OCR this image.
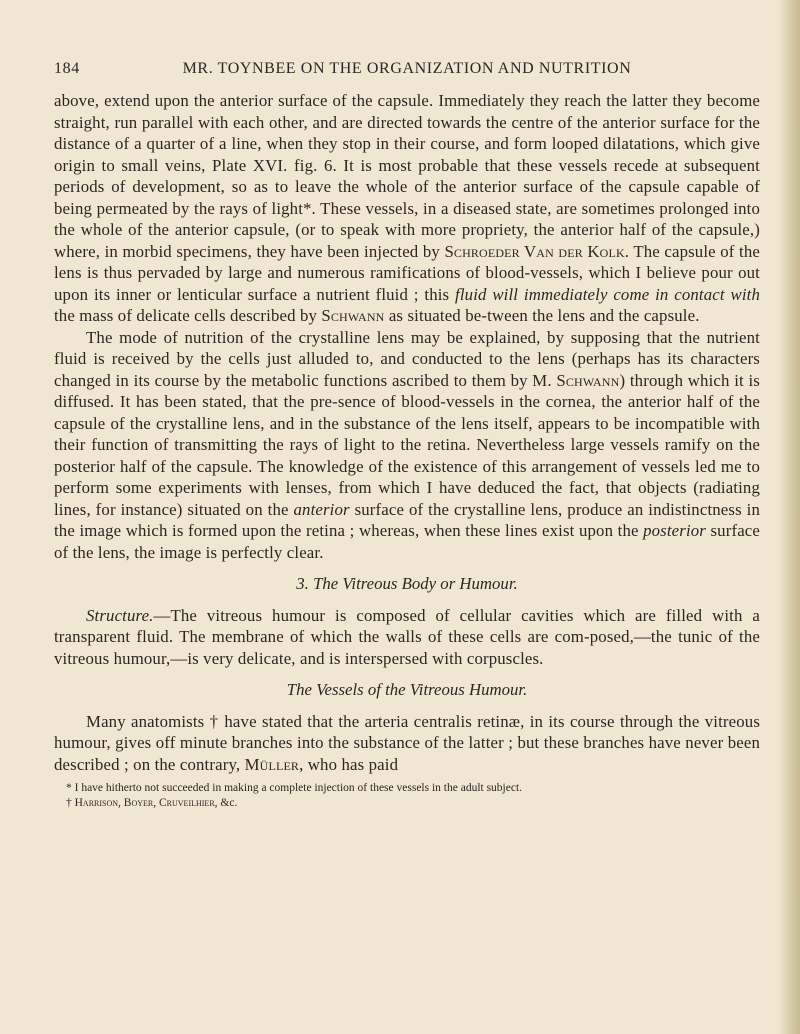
184	MR. TOYNBEE ON THE ORGANIZATION AND NUTRITION

above, extend upon the anterior surface of the capsule. Immediately they reach the latter they become straight, run parallel with each other, and are directed towards the centre of the anterior surface for the distance of a quarter of a line, when they stop in their course, and form looped dilatations, which give origin to small veins, Plate XVI. fig. 6. It is most probable that these vessels recede at subsequent periods of development, so as to leave the whole of the anterior surface of the capsule capable of being permeated by the rays of light*. These vessels, in a diseased state, are sometimes prolonged into the whole of the anterior capsule, (or to speak with more propriety, the anterior half of the capsule,) where, in morbid specimens, they have been injected by Schroeder Van der Kolk. The capsule of the lens is thus pervaded by large and numerous ramifications of blood-vessels, which I believe pour out upon its inner or lenticular surface a nutrient fluid ; this fluid will immediately come in contact with the mass of delicate cells described by Schwann as situated be-tween the lens and the capsule.

The mode of nutrition of the crystalline lens may be explained, by supposing that the nutrient fluid is received by the cells just alluded to, and conducted to the lens (perhaps has its characters changed in its course by the metabolic functions ascribed to them by M. Schwann) through which it is diffused. It has been stated, that the pre-sence of blood-vessels in the cornea, the anterior half of the capsule of the crystalline lens, and in the substance of the lens itself, appears to be incompatible with their function of transmitting the rays of light to the retina. Nevertheless large vessels ramify on the posterior half of the capsule. The knowledge of the existence of this arrangement of vessels led me to perform some experiments with lenses, from which I have deduced the fact, that objects (radiating lines, for instance) situated on the anterior surface of the crystalline lens, produce an indistinctness in the image which is formed upon the retina ; whereas, when these lines exist upon the posterior surface of the lens, the image is perfectly clear.

3. The Vitreous Body or Humour.

Structure.—The vitreous humour is composed of cellular cavities which are filled with a transparent fluid. The membrane of which the walls of these cells are com-posed,—the tunic of the vitreous humour,—is very delicate, and is interspersed with corpuscles.

The Vessels of the Vitreous Humour.

Many anatomists † have stated that the arteria centralis retinæ, in its course through the vitreous humour, gives off minute branches into the substance of the latter ; but these branches have never been described ; on the contrary, Müller, who has paid

* I have hitherto not succeeded in making a complete injection of these vessels in the adult subject.

† Harrison, Boyer, Cruveilhier, &c.
